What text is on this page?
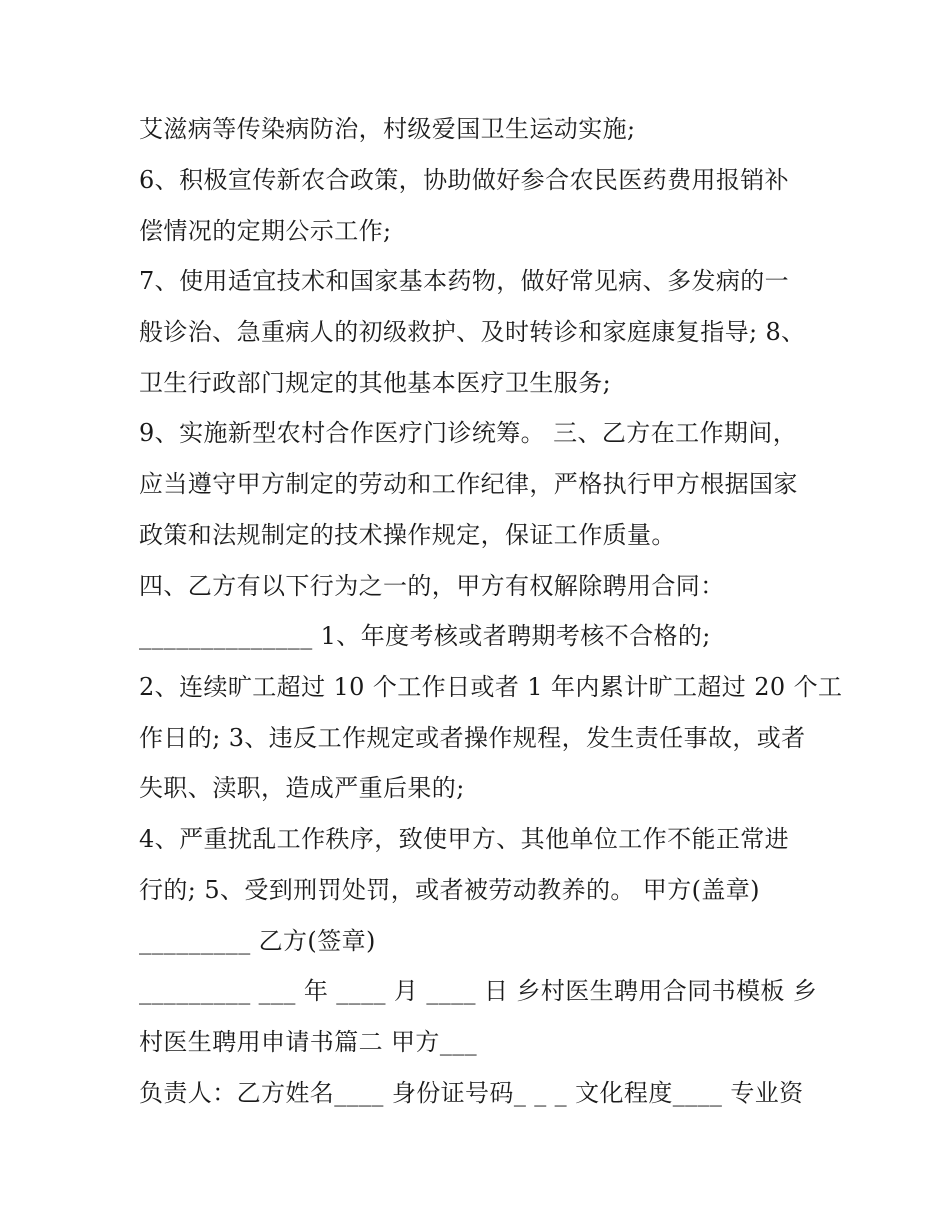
艾滋病等传染病防治，村级爱国卫生运动实施;
6、积极宣传新农合政策，协助做好参合农民医药费用报销补
偿情况的定期公示工作;
7、使用适宜技术和国家基本药物，做好常见病、多发病的一
般诊治、急重病人的初级救护、及时转诊和家庭康复指导; 8、
卫生行政部门规定的其他基本医疗卫生服务;
9、实施新型农村合作医疗门诊统筹。 三、乙方在工作期间，
应当遵守甲方制定的劳动和工作纪律，严格执行甲方根据国家
政策和法规制定的技术操作规定，保证工作质量。
四、乙方有以下行为之一的，甲方有权解除聘用合同：
______________ 1、年度考核或者聘期考核不合格的;
2、连续旷工超过 10 个工作日或者 1 年内累计旷工超过 20 个工
作日的; 3、违反工作规定或者操作规程，发生责任事故，或者
失职、渎职，造成严重后果的;
4、严重扰乱工作秩序，致使甲方、其他单位工作不能正常进
行的; 5、受到刑罚处罚，或者被劳动教养的。 甲方(盖章)
_________ 乙方(签章)
_________ ___ 年 ____ 月 ____ 日 乡村医生聘用合同书模板 乡
村医生聘用申请书篇二 甲方___
负责人：乙方姓名____ 身份证号码_ _ _ 文化程度____ 专业资
